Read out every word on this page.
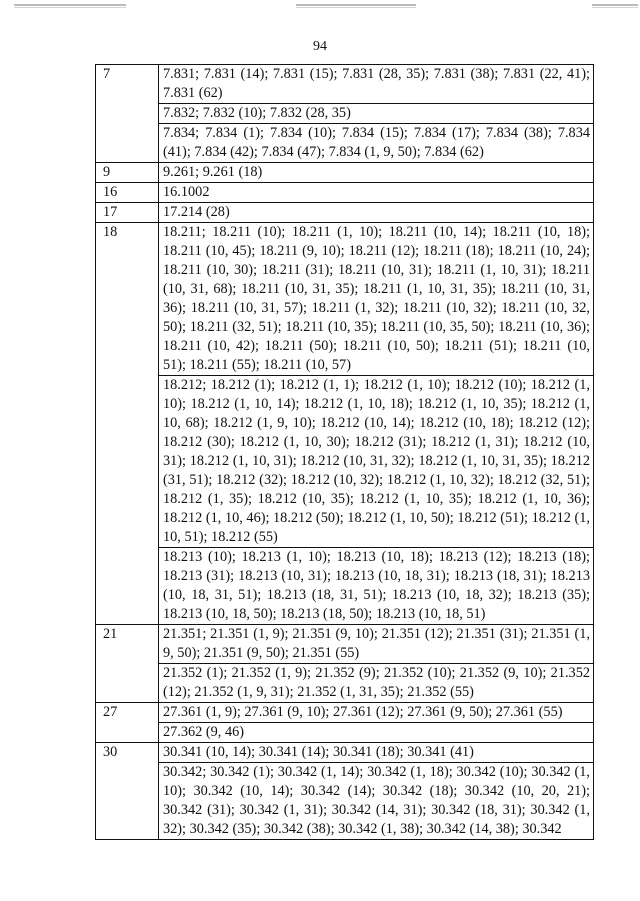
94
7	7.831; 7.831 (14); 7.831 (15); 7.831 (28, 35); 7.831 (38); 7.831 (22, 41); 7.831 (62)
	7.832; 7.832 (10); 7.832 (28, 35)
	7.834; 7.834 (1); 7.834 (10); 7.834 (15); 7.834 (17); 7.834 (38); 7.834 (41); 7.834 (42); 7.834 (47); 7.834 (1, 9, 50); 7.834 (62)
9	9.261; 9.261 (18)
16	16.1002
17	17.214 (28)
18	18.211; 18.211 (10); 18.211 (1, 10); 18.211 (10, 14); 18.211 (10, 18); 18.211 (10, 45); 18.211 (9, 10); 18.211 (12); 18.211 (18); 18.211 (10, 24); 18.211 (10, 30); 18.211 (31); 18.211 (10, 31); 18.211 (1, 10, 31); 18.211 (10, 31, 68); 18.211 (10, 31, 35); 18.211 (1, 10, 31, 35); 18.211 (10, 31, 36); 18.211 (10, 31, 57); 18.211 (1, 32); 18.211 (10, 32); 18.211 (10, 32, 50); 18.211 (32, 51); 18.211 (10, 35); 18.211 (10, 35, 50); 18.211 (10, 36); 18.211 (10, 42); 18.211 (50); 18.211 (10, 50); 18.211 (51); 18.211 (10, 51); 18.211 (55); 18.211 (10, 57)
	18.212; 18.212 (1); 18.212 (1, 1); 18.212 (1, 10); 18.212 (10); 18.212 (1, 10); 18.212 (1, 10, 14); 18.212 (1, 10, 18); 18.212 (1, 10, 35); 18.212 (1, 10, 68); 18.212 (1, 9, 10); 18.212 (10, 14); 18.212 (10, 18); 18.212 (12); 18.212 (30); 18.212 (1, 10, 30); 18.212 (31); 18.212 (1, 31); 18.212 (10, 31); 18.212 (1, 10, 31); 18.212 (10, 31, 32); 18.212 (1, 10, 31, 35); 18.212 (31, 51); 18.212 (32); 18.212 (10, 32); 18.212 (1, 10, 32); 18.212 (32, 51); 18.212 (1, 35); 18.212 (10, 35); 18.212 (1, 10, 35); 18.212 (1, 10, 36); 18.212 (1, 10, 46); 18.212 (50); 18.212 (1, 10, 50); 18.212 (51); 18.212 (1, 10, 51); 18.212 (55)
	18.213 (10); 18.213 (1, 10); 18.213 (10, 18); 18.213 (12); 18.213 (18); 18.213 (31); 18.213 (10, 31); 18.213 (10, 18, 31); 18.213 (18, 31); 18.213 (10, 18, 31, 51); 18.213 (18, 31, 51); 18.213 (10, 18, 32); 18.213 (35); 18.213 (10, 18, 50); 18.213 (18, 50); 18.213 (10, 18, 51)
21	21.351; 21.351 (1, 9); 21.351 (9, 10); 21.351 (12); 21.351 (31); 21.351 (1, 9, 50); 21.351 (9, 50); 21.351 (55)
	21.352 (1); 21.352 (1, 9); 21.352 (9); 21.352 (10); 21.352 (9, 10); 21.352 (12); 21.352 (1, 9, 31); 21.352 (1, 31, 35); 21.352 (55)
27	27.361 (1, 9); 27.361 (9, 10); 27.361 (12); 27.361 (9, 50); 27.361 (55)
	27.362 (9, 46)
30	30.341 (10, 14); 30.341 (14); 30.341 (18); 30.341 (41)
	30.342; 30.342 (1); 30.342 (1, 14); 30.342 (1, 18); 30.342 (10); 30.342 (1, 10); 30.342 (10, 14); 30.342 (14); 30.342 (18); 30.342 (10, 20, 21); 30.342 (31); 30.342 (1, 31); 30.342 (14, 31); 30.342 (18, 31); 30.342 (1, 32); 30.342 (35); 30.342 (38); 30.342 (1, 38); 30.342 (14, 38); 30.342
